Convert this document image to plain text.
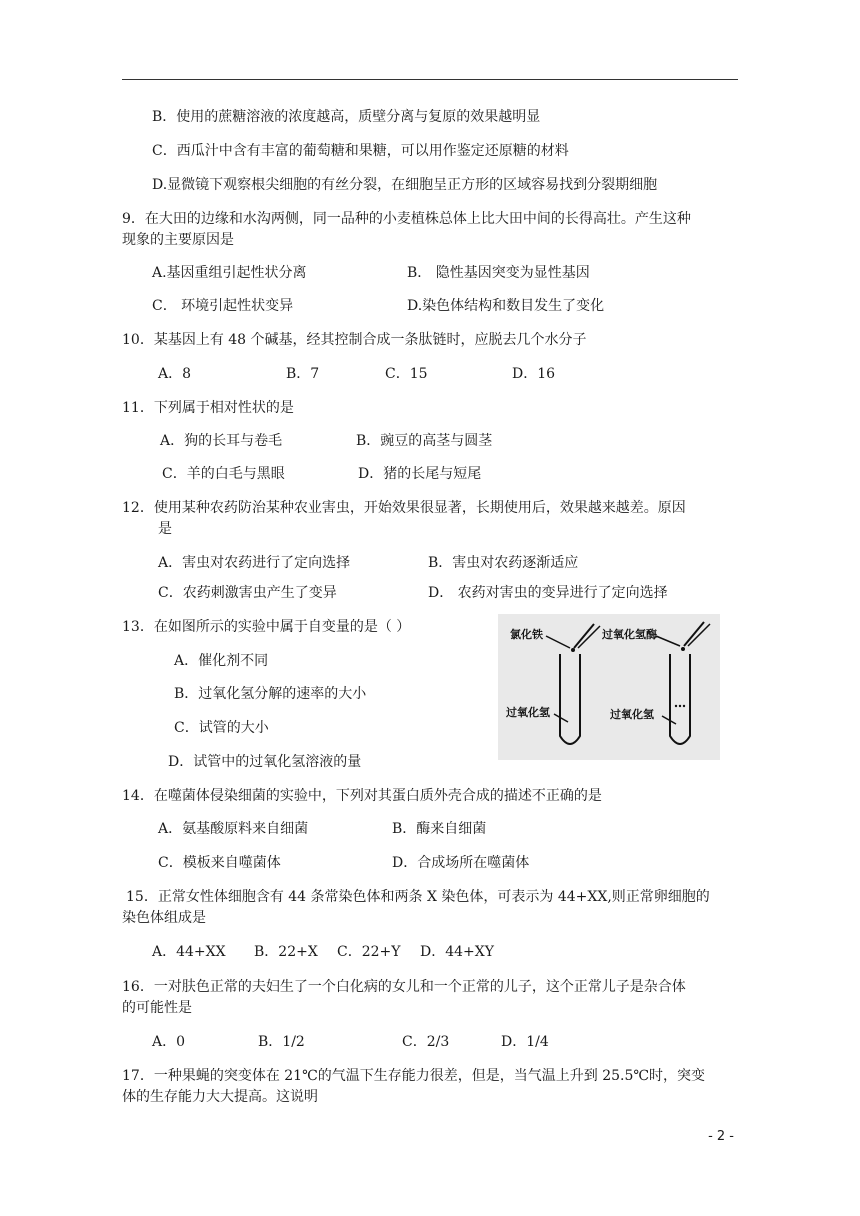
B．使用的蔗糖溶液的浓度越高，质壁分离与复原的效果越明显
C．西瓜汁中含有丰富的葡萄糖和果糖，可以用作鉴定还原糖的材料
D.显微镜下观察根尖细胞的有丝分裂，在细胞呈正方形的区域容易找到分裂期细胞
9．在大田的边缘和水沟两侧，同一品种的小麦植株总体上比大田中间的长得高壮。产生这种
现象的主要原因是
A.基因重组引起性状分离	B． 隐性基因突变为显性基因
C． 环境引起性状变异	D.染色体结构和数目发生了变化
10．某基因上有 48 个碱基，经其控制合成一条肽链时，应脱去几个水分子
A．8	B．7	C．15	D．16
11．下列属于相对性状的是
A．狗的长耳与卷毛	B．豌豆的高茎与圆茎
C．羊的白毛与黑眼	D．猪的长尾与短尾
12．使用某种农药防治某种农业害虫，开始效果很显著，长期使用后，效果越来越差。原因
是
A．害虫对农药进行了定向选择	B．害虫对农药逐渐适应
C．农药刺激害虫产生了变异	D． 农药对害虫的变异进行了定向选择
13．在如图所示的实验中属于自变量的是（ ）
A．催化剂不同
B．过氧化氢分解的速率的大小
C．试管的大小
D．试管中的过氧化氢溶液的量
氯化铁	过氧化氢酶
过氧化氢	过氧化氢
14．在噬菌体侵染细菌的实验中，下列对其蛋白质外壳合成的描述不正确的是
A．氨基酸原料来自细菌	B．酶来自细菌
C．模板来自噬菌体	D．合成场所在噬菌体
15．正常女性体细胞含有 44 条常染色体和两条 X 染色体，可表示为 44+XX,则正常卵细胞的
染色体组成是
A．44+XX B．22+X C．22+Y D．44+XY
16．一对肤色正常的夫妇生了一个白化病的女儿和一个正常的儿子，这个正常儿子是杂合体
的可能性是
A．0	B．1/2	C．2/3	D．1/4
17．一种果蝇的突变体在 21℃的气温下生存能力很差，但是，当气温上升到 25.5℃时，突变
体的生存能力大大提高。这说明
- 2 -
